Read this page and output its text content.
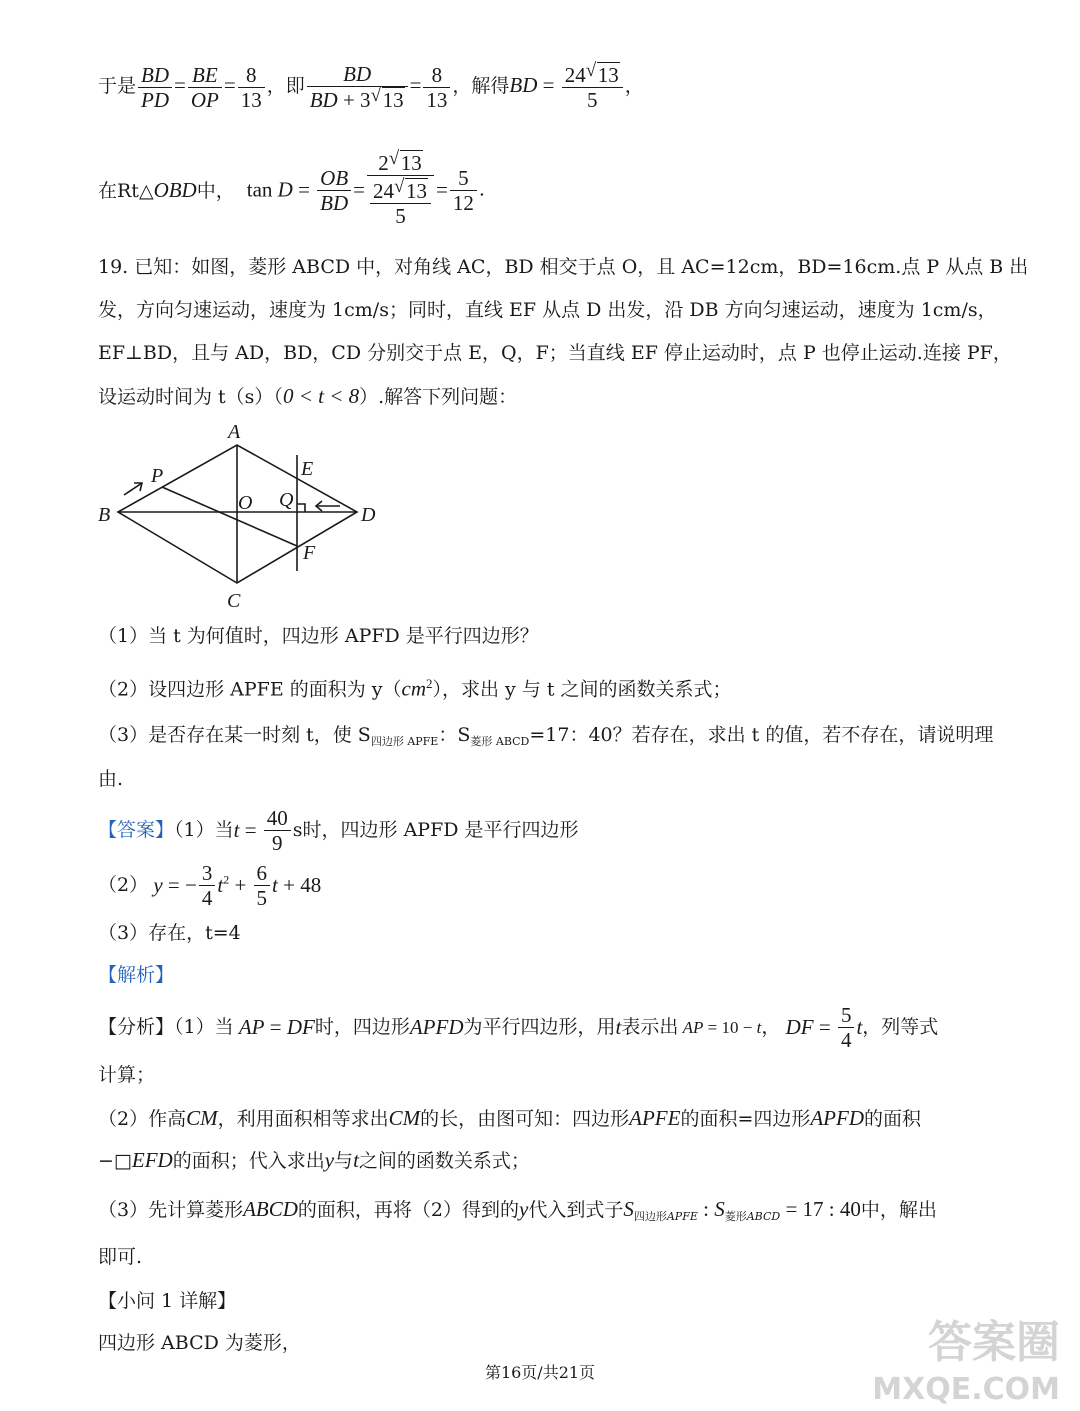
于是 $\frac{BD}{PD} = \frac{BE}{OP} = \frac{8}{13}$ ，即 $\frac{BD}{BD + 3 √ 13} = \frac{8}{13}$ ，解得BD = $\frac{24 √ 13}{5}$ ，
在Rt△OBD中， $\tan D = \frac{OB}{BD} = \frac{2 √ 13}{\frac{24 √ 13}{5}} = \frac{5}{12}$ .
19. 已知：如图，菱形 ABCD 中，对角线 AC，BD 相交于点 O，且 AC=12cm，BD=16cm.点 P 从点 B 出
发，方向匀速运动，速度为 1cm/s；同时，直线 EF 从点 D 出发，沿 DB 方向匀速运动，速度为 1cm/s，
EF⊥BD，且与 AD，BD，CD 分别交于点 E，Q，F；当直线 EF 停止运动时，点 P 也停止运动.连接 PF，
设运动时间为 t（s）（0 < t < 8）.解答下列问题：
A
B
C
D
O
P	E
Q
F
（1）当 t 为何值时，四边形 APFD 是平行四边形？
（2）设四边形 APFE 的面积为 $y(cm^2)$，求出 y 与 t 之间的函数关系式；
（3）是否存在某一时刻 t，使 $S_{四边形 APFE}$：$S_{菱形 ABCD}=17$：40？若存在，求出 t 的值，若不存在，请说明理
由.
【答案】（1）当$t = \frac{40}{9}$ s时，四边形 APFD 是平行四边形
（2） y = − $\frac{3}{4} t^2 + \frac{6}{5}$ t + 48
（3）存在，t=4
【解析】
【分析】（1）当 AP = DF时，四边形APFD为平行四边形，用t表示出 AP = 10 − t， DF = $\frac{5}{4}$ t，列等式
计算；
（2）作高CM，利用面积相等求出CM的长，由图可知：四边形APFE的面积=四边形APFD的面积
−□EFD的面积；代入求出y与t之间的函数关系式；
（3）先计算菱形ABCD的面积，再将（2）得到的y代入到式子$S_{四边形APFE}$ : $S_{菱形ABCD} = 17$ : 40中，解出
即可.
【小问 1 详解】
四边形 ABCD 为菱形，
第16页/共21页
答案圈
MXQE.COM
